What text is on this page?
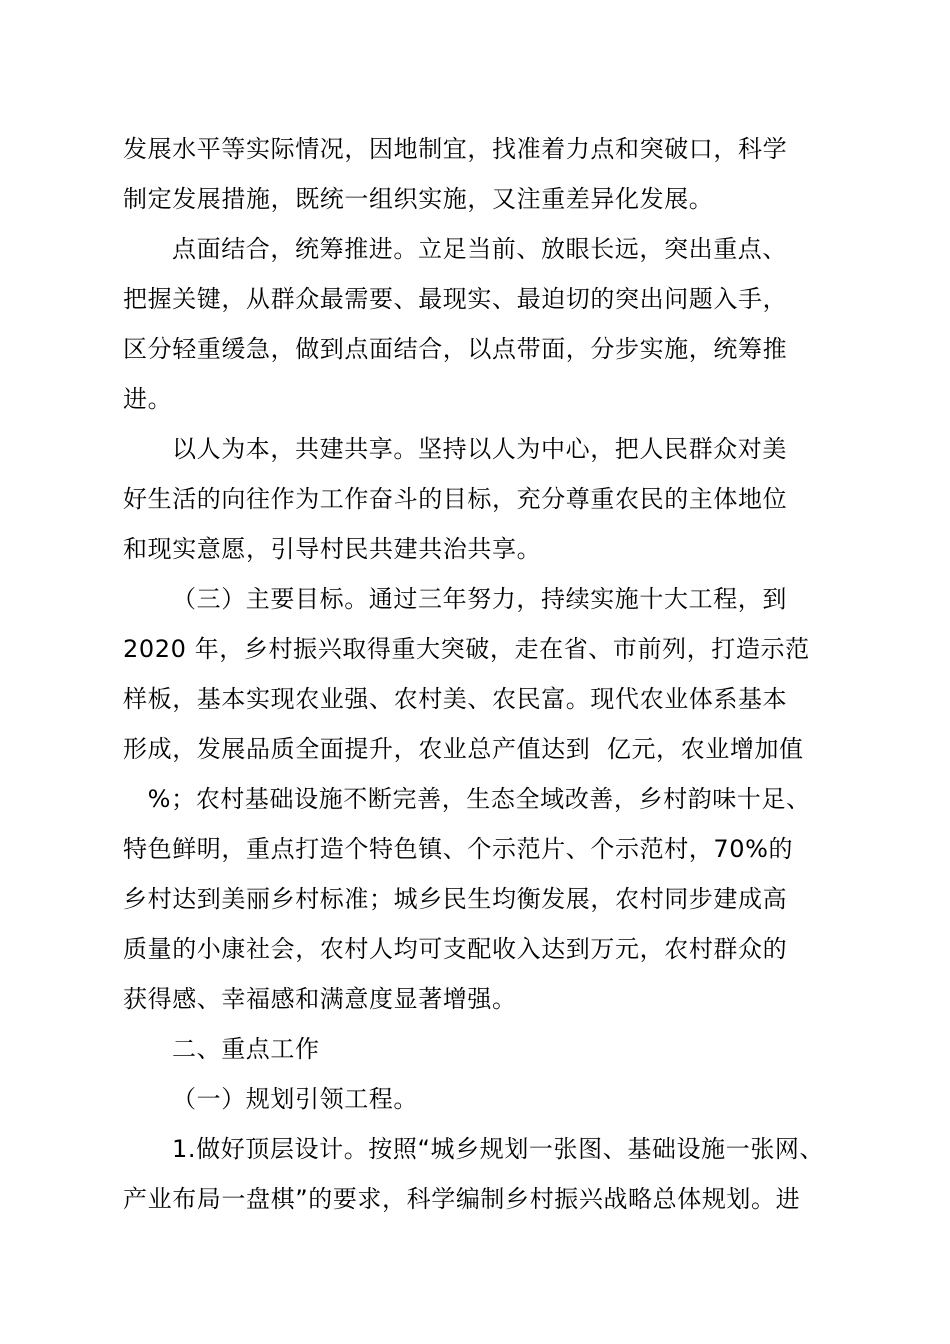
发展水平等实际情况，因地制宜，找准着力点和突破口，科学
制定发展措施，既统一组织实施，又注重差异化发展。
点面结合，统筹推进。立足当前、放眼长远，突出重点、
把握关键，从群众最需要、最现实、最迫切的突出问题入手，
区分轻重缓急，做到点面结合，以点带面，分步实施，统筹推
进。
以人为本，共建共享。坚持以人为中心，把人民群众对美
好生活的向往作为工作奋斗的目标，充分尊重农民的主体地位
和现实意愿，引导村民共建共治共享。
（三）主要目标。通过三年努力，持续实施十大工程，到
2020 年，乡村振兴取得重大突破，走在省、市前列，打造示范
样板，基本实现农业强、农村美、农民富。现代农业体系基本
形成，发展品质全面提升，农业总产值达到  亿元，农业增加值
%；农村基础设施不断完善，生态全域改善，乡村韵味十足、
特色鲜明，重点打造个特色镇、个示范片、个示范村，70%的
乡村达到美丽乡村标准；城乡民生均衡发展，农村同步建成高
质量的小康社会，农村人均可支配收入达到万元，农村群众的
获得感、幸福感和满意度显著增强。
二、重点工作
（一）规划引领工程。
1.做好顶层设计。按照“城乡规划一张图、基础设施一张网、
产业布局一盘棋”的要求，科学编制乡村振兴战略总体规划。进
